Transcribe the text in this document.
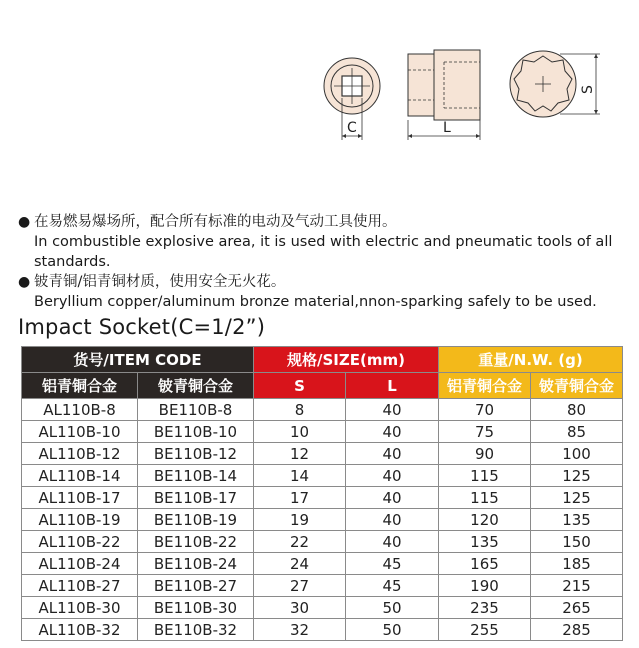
C	L
S
● 在易燃易爆场所，配合所有标准的电动及气动工具使用。
In combustible explosive area, it is used with electric and pneumatic tools of all standards.
● 铍青铜/铝青铜材质，使用安全无火花。
Beryllium copper/aluminum bronze material,nnon-sparking safely to be used.
Impact Socket(C=1/2”)
货号/ITEM CODE		规格/SIZE(mm)		重量/N.W. (g)	
铝青铜合金	铍青铜合金	S	L	铝青铜合金	铍青铜合金
AL110B-8	BE110B-8	8	40	70	80
AL110B-10	BE110B-10	10	40	75	85
AL110B-12	BE110B-12	12	40	90	100
AL110B-14	BE110B-14	14	40	115	125
AL110B-17	BE110B-17	17	40	115	125
AL110B-19	BE110B-19	19	40	120	135
AL110B-22	BE110B-22	22	40	135	150
AL110B-24	BE110B-24	24	45	165	185
AL110B-27	BE110B-27	27	45	190	215
AL110B-30	BE110B-30	30	50	235	265
AL110B-32	BE110B-32	32	50	255	285
